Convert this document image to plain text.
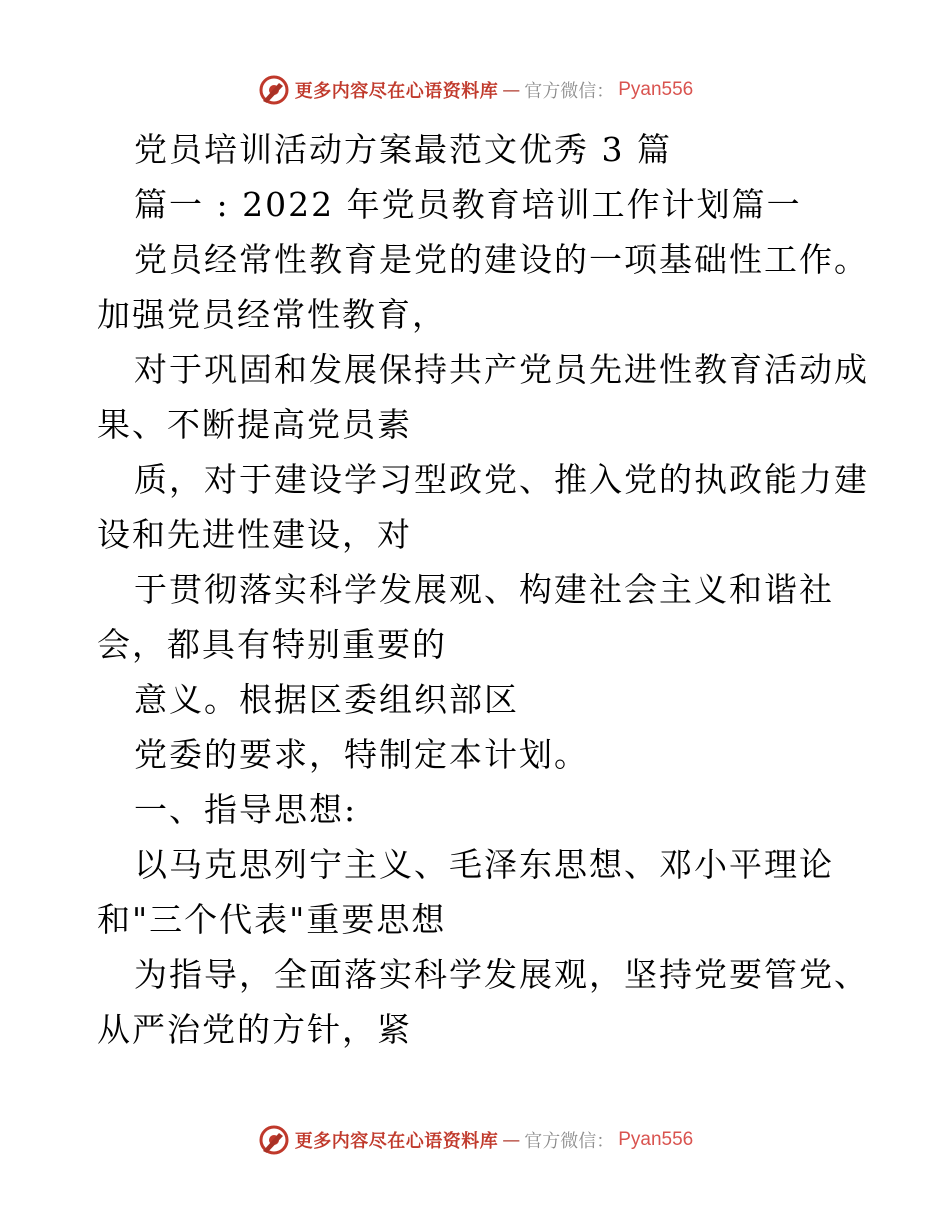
更多内容尽在心语资料库 — 官方微信： Pyan556
党员培训活动方案最范文优秀 3 篇
篇一 : 2022 年党员教育培训工作计划篇一
党员经常性教育是党的建设的一项基础性工作。
加强党员经常性教育，
对于巩固和发展保持共产党员先进性教育活动成
果、不断提高党员素
质，对于建设学习型政党、推入党的执政能力建
设和先进性建设，对
于贯彻落实科学发展观、构建社会主义和谐社
会，都具有特别重要的
意义。根据区委组织部区
党委的要求，特制定本计划。
一、指导思想:
以马克思列宁主义、毛泽东思想、邓小平理论
和"三个代表"重要思想
为指导，全面落实科学发展观，坚持党要管党、
从严治党的方针，紧
更多内容尽在心语资料库 — 官方微信： Pyan556
